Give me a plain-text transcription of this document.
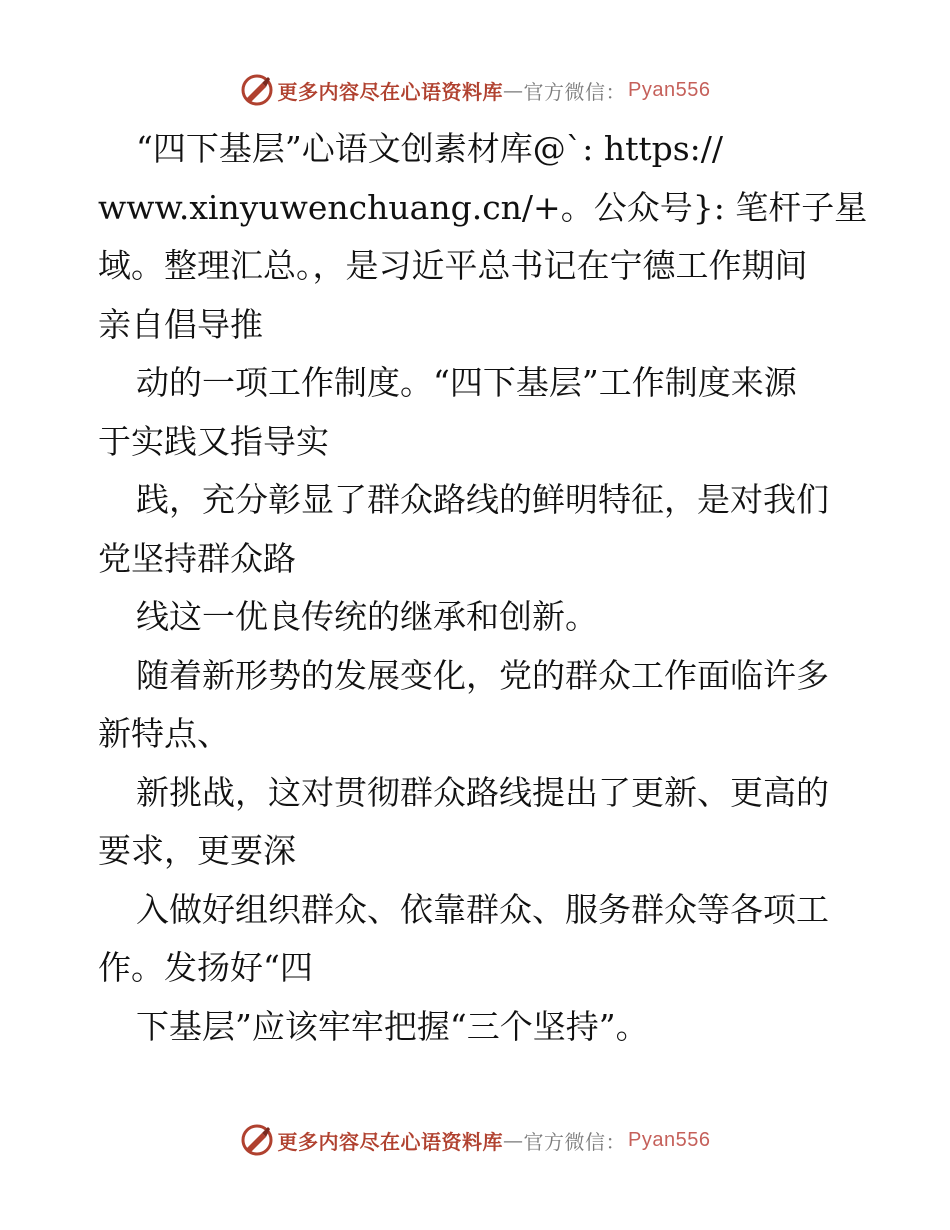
更多内容尽在心语资料库 — 官方微信： Pyan556
“四下基层”心语文创素材库@`: https://
www.xinyuwenchuang.cn/+。公众号}: 笔杆子星
域。整理汇总。，是习近平总书记在宁德工作期间
亲自倡导推
动的一项工作制度。“四下基层”工作制度来源
于实践又指导实
践，充分彰显了群众路线的鲜明特征，是对我们
党坚持群众路
线这一优良传统的继承和创新。
随着新形势的发展变化，党的群众工作面临许多
新特点、
新挑战，这对贯彻群众路线提出了更新、更高的
要求，更要深
入做好组织群众、依靠群众、服务群众等各项工
作。发扬好“四
下基层”应该牢牢把握“三个坚持”。
更多内容尽在心语资料库 — 官方微信： Pyan556
